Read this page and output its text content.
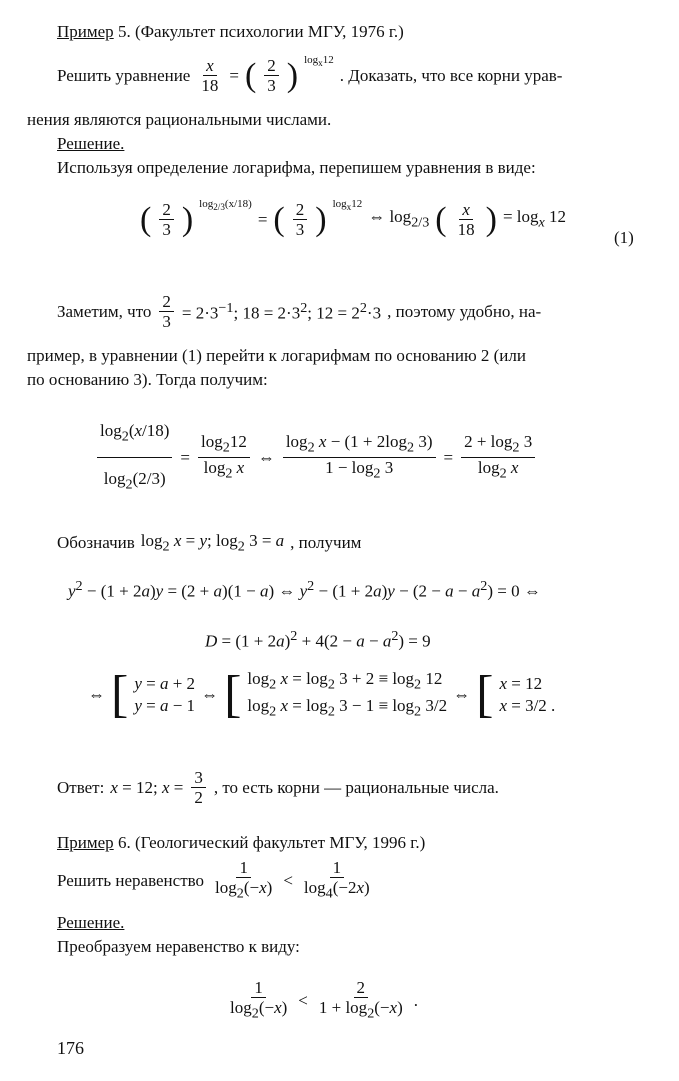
Пример 5. (Факультет психологии МГУ, 1976 г.)
Решить уравнение $\frac{x}{18}$ = ( $\frac{2}{3}$ ) $\log_x12$
. Доказать, что все корни урав-
нения являются рациональными числами.
Решение.
Используя определение логарифма, перепишем уравнения в виде:
( $\frac{2}{3}$ ) $\log_{2/3}(x/18)$
= ( $\frac{2}{3}$ ) $\log_x12$
⇔ $\log_{2/3}$ ( $\frac{x}{18}$ ) = $\log_x 12$
(1)
Заметим, что $\frac{2}{3} = 2\cdot 3^{-1}$; $18 = 2\cdot 3^2$; $12 = 2^2\cdot 3$ , поэтому удобно, на-
пример, в уравнении (1) перейти к логарифмам по основанию 2 (или
по основанию 3). Тогда получим:
$\frac{\log_2(x/18)}{\log_2(2/3)} = \frac{\log_212}{\log_2 x}$ ⇔ $\frac{\log_2 x - (1 + 2\log_2 3)}{1 - \log_2 3} = \frac{2 + \log_2 3}{\log_2 x}$
Обозначив $\log_2 x = y$; $\log_2 3 = a$ , получим
$y^2 - (1 + 2a)y = (2 + a)(1 - a)$ ⇔ $y^2 - (1 + 2a)y - (2 - a - a^2) = 0$ ⇔
$D = (1 + 2a)^2 + 4(2 - a - a^2) = 9$
⇔ [ y = a + 2
y = a − 1
⇔ [ $\log_2 x = \log_2 3 + 2 \equiv \log_2 12$
$\log_2 x = \log_2 3 - 1 \equiv \log_2 3/2$
⇔ [ x = 12
x = 3/2 .
Ответ: x = 12; $x = \frac{3}{2}$ , то есть корни — рациональные числа.
Пример 6. (Геологический факультет МГУ, 1996 г.)
Решить неравенство $\frac{1}{\log_2(-x)} < \frac{1}{\log_4(-2x)}$
Решение.
Преобразуем неравенство к виду:
$\frac{1}{\log_2(-x)} < \frac{2}{1 + \log_2(-x)}$ .
176
